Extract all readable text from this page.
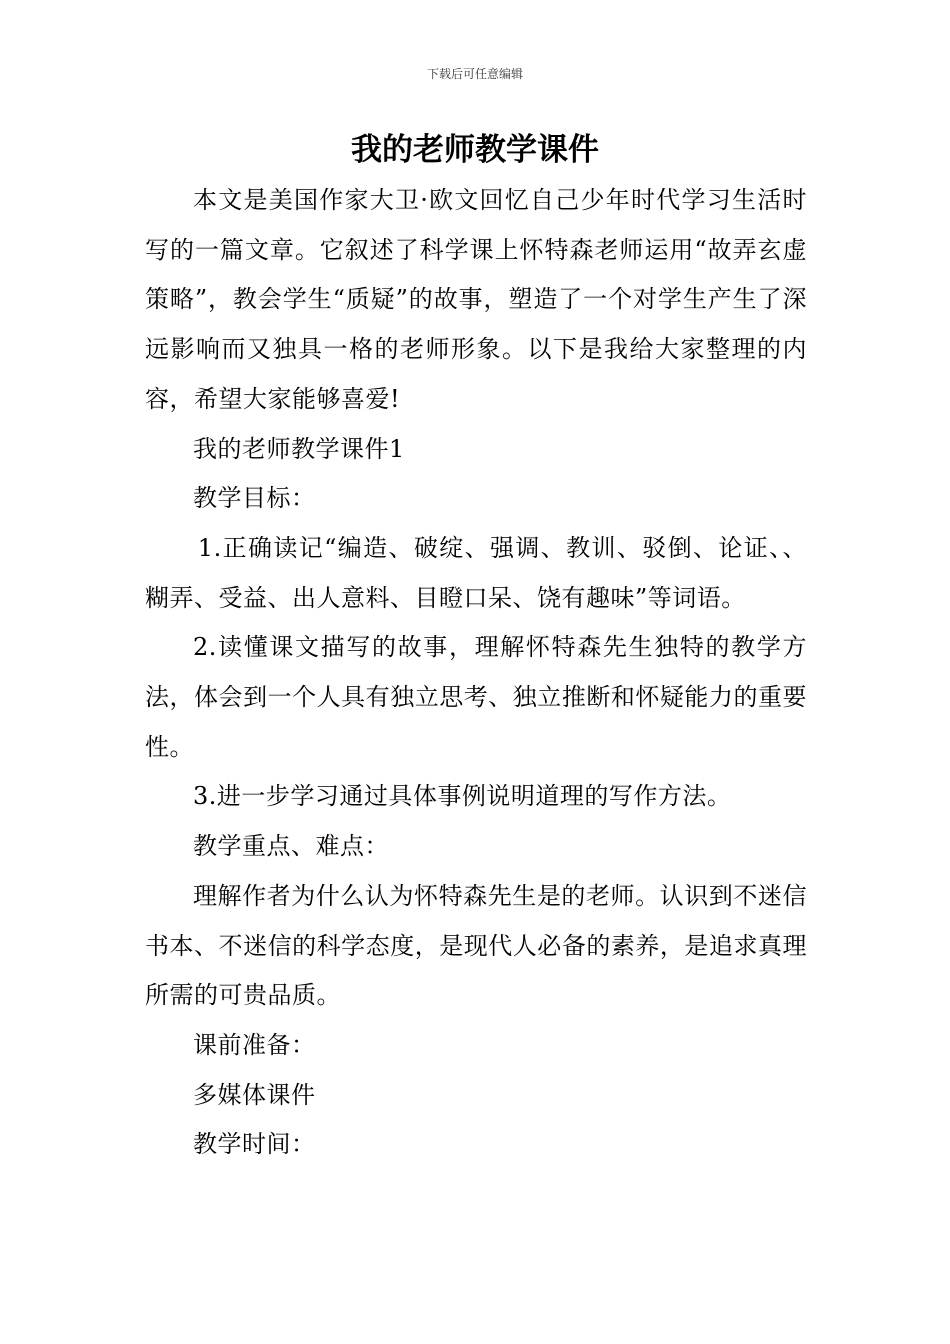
下载后可任意编辑
我的老师教学课件

本文是美国作家大卫·欧文回忆自己少年时代学习生活时写的一篇文章。它叙述了科学课上怀特森老师运用“故弄玄虚策略”，教会学生“质疑”的故事，塑造了一个对学生产生了深远影响而又独具一格的老师形象。以下是我给大家整理的内容，希望大家能够喜爱!

我的老师教学课件1

教学目标：

1.正确读记“编造、破绽、强调、教训、驳倒、论证、、糊弄、受益、出人意料、目瞪口呆、饶有趣味”等词语。

2.读懂课文描写的故事，理解怀特森先生独特的教学方法，体会到一个人具有独立思考、独立推断和怀疑能力的重要性。

3.进一步学习通过具体事例说明道理的写作方法。

教学重点、难点：

理解作者为什么认为怀特森先生是的老师。认识到不迷信书本、不迷信的科学态度，是现代人必备的素养，是追求真理所需的可贵品质。

课前准备：

多媒体课件

教学时间：
